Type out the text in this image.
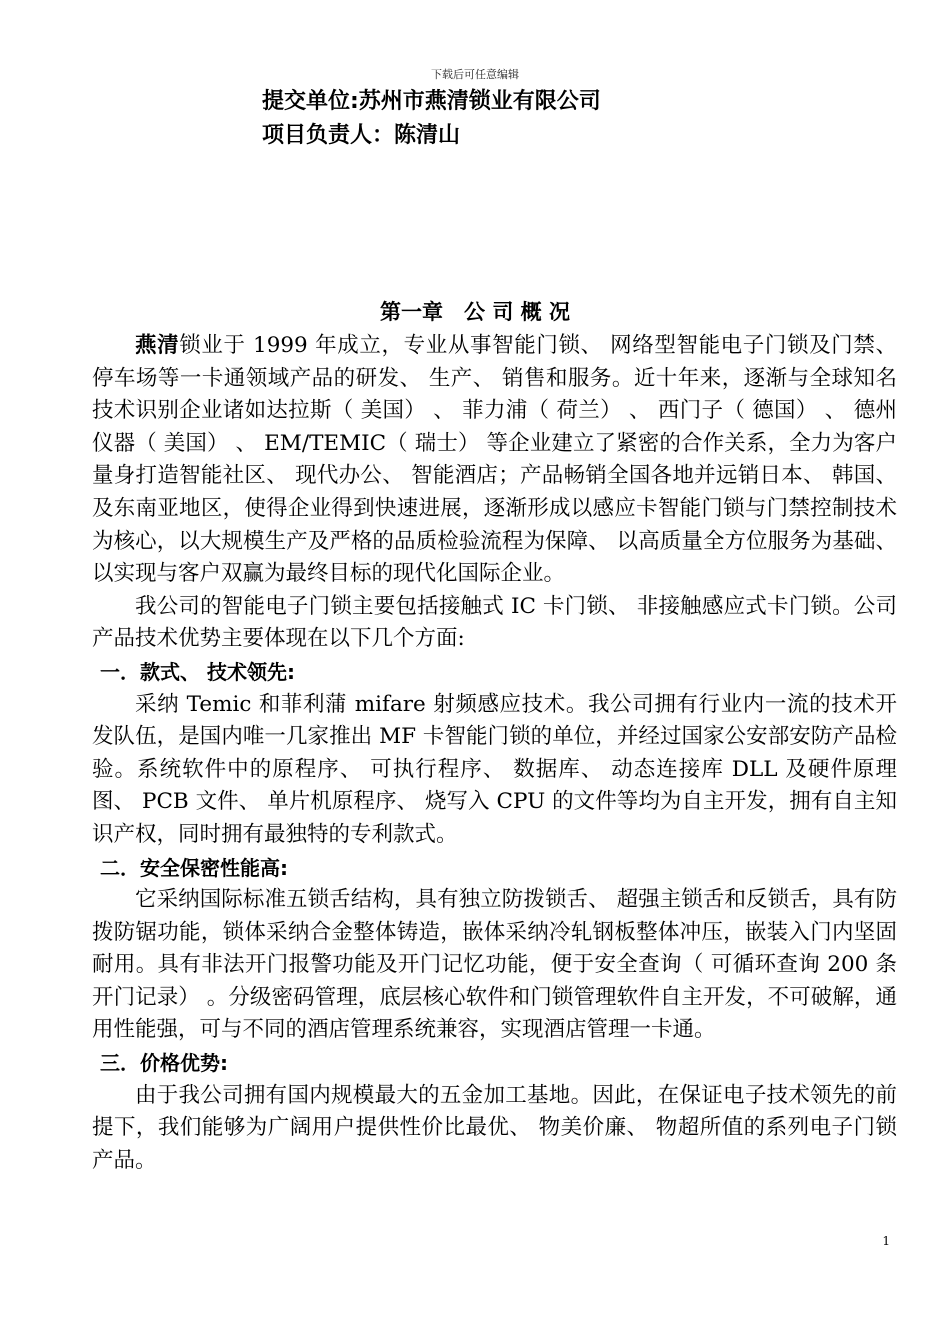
下载后可任意编辑
提交单位:苏州市燕清锁业有限公司
项目负责人：陈清山
第一章　公 司 概 况

燕清锁业于 1999 年成立，专业从事智能门锁、 网络型智能电子门锁及门禁、 停车场等一卡通领域产品的研发、 生产、 销售和服务。近十年来，逐渐与全球知名技术识别企业诸如达拉斯（ 美国） 、 菲力浦（ 荷兰） 、 西门子（ 德国） 、 德州仪器（ 美国） 、 EM/TEMIC（ 瑞士） 等企业建立了紧密的合作关系，全力为客户量身打造智能社区、 现代办公、 智能酒店；产品畅销全国各地并远销日本、 韩国、 及东南亚地区，使得企业得到快速进展，逐渐形成以感应卡智能门锁与门禁控制技术为核心，以大规模生产及严格的品质检验流程为保障、 以高质量全方位服务为基础、 以实现与客户双赢为最终目标的现代化国际企业。

我公司的智能电子门锁主要包括接触式 IC 卡门锁、 非接触感应式卡门锁。公司产品技术优势主要体现在以下几个方面:

一．款式、 技术领先:

采纳 Temic 和菲利蒲 mifare 射频感应技术。我公司拥有行业内一流的技术开发队伍，是国内唯一几家推出 MF 卡智能门锁的单位，并经过国家公安部安防产品检验。系统软件中的原程序、 可执行程序、 数据库、 动态连接库 DLL 及硬件原理图、 PCB 文件、 单片机原程序、 烧写入 CPU 的文件等均为自主开发，拥有自主知识产权，同时拥有最独特的专利款式。

二．安全保密性能高:

它采纳国际标准五锁舌结构，具有独立防拨锁舌、 超强主锁舌和反锁舌，具有防拨防锯功能，锁体采纳合金整体铸造，嵌体采纳冷轧钢板整体冲压，嵌装入门内坚固耐用。具有非法开门报警功能及开门记忆功能，便于安全查询（ 可循环查询 200 条开门记录） 。分级密码管理，底层核心软件和门锁管理软件自主开发，不可破解，通用性能强，可与不同的酒店管理系统兼容，实现酒店管理一卡通。

三．价格优势:

由于我公司拥有国内规模最大的五金加工基地。因此，在保证电子技术领先的前提下，我们能够为广阔用户提供性价比最优、 物美价廉、 物超所值的系列电子门锁产品。

1
